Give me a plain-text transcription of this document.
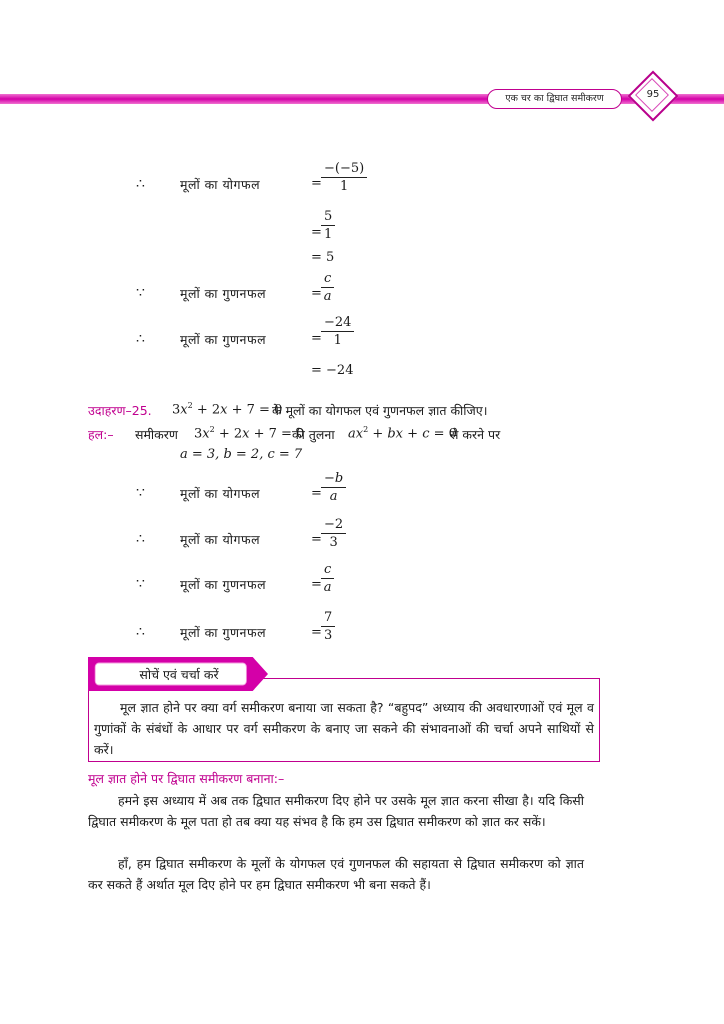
एक चर का द्विघात समीकरण	95
∴	मूलों का योगफल	= $\frac{-(-5)}{1}$
= $\frac{5}{1}$
= 5
∵	मूलों का गुणनफल	= $\frac{c}{a}$
∴	मूलों का गुणनफल	= $\frac{-24}{1}$
= −24
उदाहरण–25. $3x^2 + 2x + 7 = 0$
के मूलों का योगफल एवं गुणनफल ज्ञात कीजिए।
हल:– समीकरण $3x^2 + 2x + 7 = 0$
की तुलना $ax^2$ + bx + c = 0
से करने पर
a = 3, b = 2, c = 7
∵	मूलों का योगफल	= $\frac{-b}{a}$
∴	मूलों का योगफल	= $\frac{-2}{3}$
∵	मूलों का गुणनफल	= $\frac{c}{a}$
∴	मूलों का गुणनफल	= $\frac{7}{3}$
मूल ज्ञात होने पर क्या वर्ग समीकरण बनाया जा सकता है? “बहुपद” अध्याय की अवधारणाओं एवं मूल व गुणांकों के संबंधों के आधार पर वर्ग समीकरण के बनाए जा सकने की संभावनाओं की चर्चा अपने साथियों से करें।
सोचें एवं चर्चा करें
मूल ज्ञात होने पर द्विघात समीकरण बनाना:–
हमने इस अध्याय में अब तक द्विघात समीकरण दिए होने पर उसके मूल ज्ञात करना सीखा है। यदि किसी द्विघात समीकरण के मूल पता हो तब क्या यह संभव है कि हम उस द्विघात समीकरण को ज्ञात कर सकें।
हाँ, हम द्विघात समीकरण के मूलों के योगफल एवं गुणनफल की सहायता से द्विघात समीकरण को ज्ञात कर सकते हैं अर्थात मूल दिए होने पर हम द्विघात समीकरण भी बना सकते हैं।
